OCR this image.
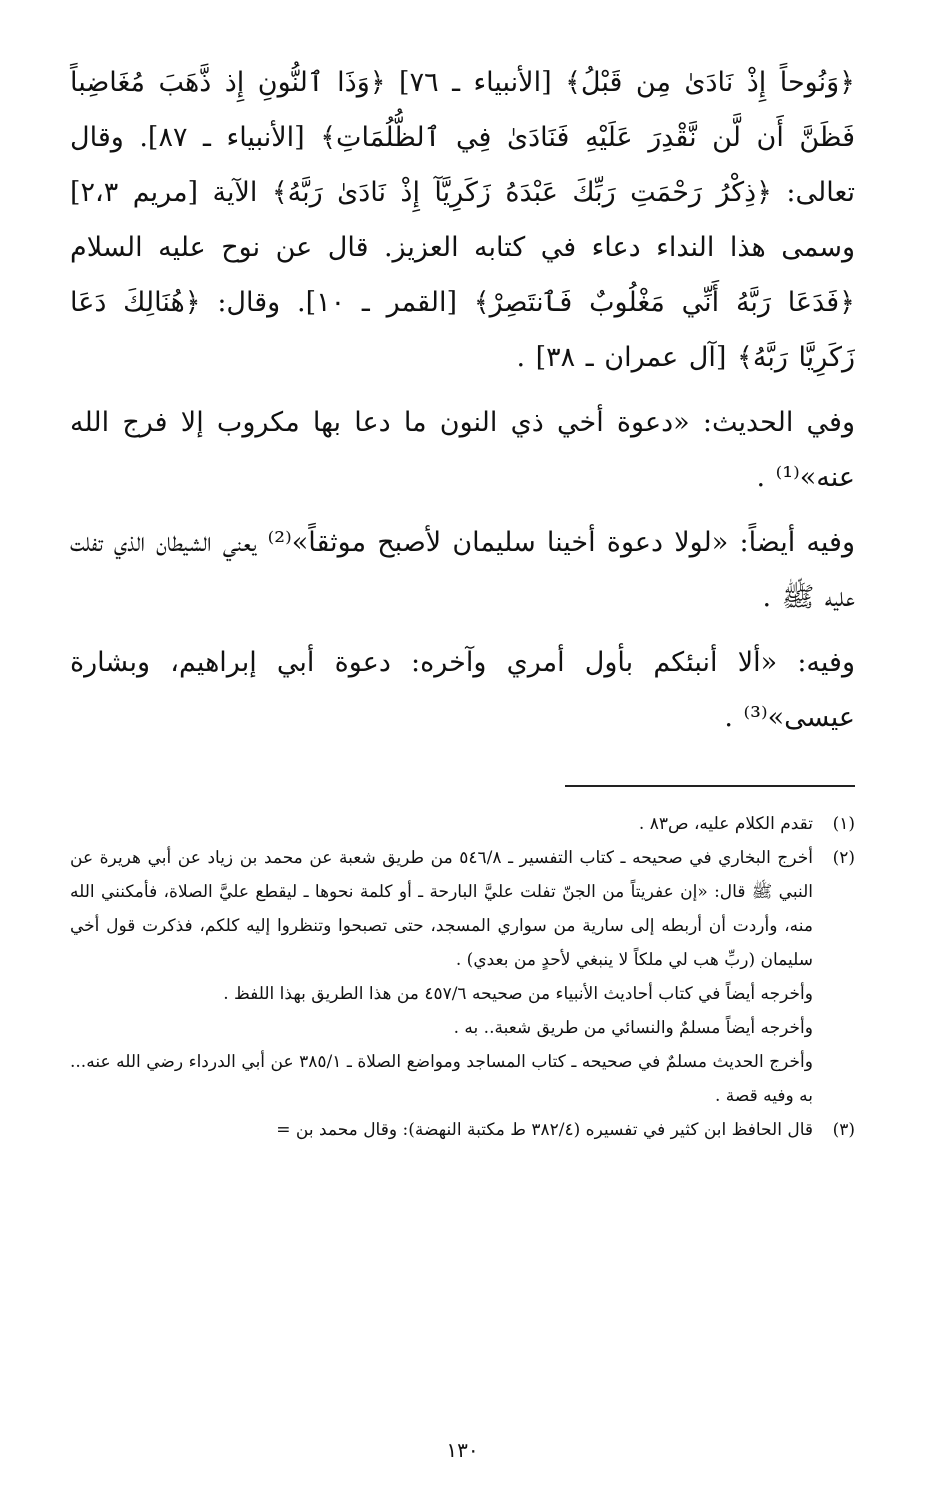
﴿وَنُوحاً إِذْ نَادَىٰ مِن قَبْلُ﴾ [الأنبياء ـ ٧٦] ﴿وَذَا ٱلنُّونِ إِذ ذَّهَبَ مُغَاضِباً فَظَنَّ أَن لَّن نَّقْدِرَ عَلَيْهِ فَنَادَىٰ فِي ٱلظُّلُمَاتِ﴾ [الأنبياء ـ ٨٧]. وقال تعالى: ﴿ذِكْرُ رَحْمَتِ رَبِّكَ عَبْدَهُ زَكَرِيَّآ إِذْ نَادَىٰ رَبَّهُ﴾ الآية [مريم ٢،٣] وسمى هذا النداء دعاء في كتابه العزيز. قال عن نوح عليه السلام ﴿فَدَعَا رَبَّهُ أَنِّي مَغْلُوبٌ فَٱنتَصِرْ﴾ [القمر ـ ١٠]. وقال: ﴿هُنَالِكَ دَعَا زَكَرِيَّا رَبَّهُ﴾ [آل عمران ـ ٣٨] .

وفي الحديث: «دعوة أخي ذي النون ما دعا بها مكروب إلا فرج الله عنه»⁽¹⁾ .

وفيه أيضاً: «لولا دعوة أخينا سليمان لأصبح موثقاً»⁽²⁾ يعني الشيطان الذي تفلت عليه ﷺ .

وفيه: «ألا أنبئكم بأول أمري وآخره: دعوة أبي إبراهيم، وبشارة عيسى»⁽³⁾ .

(١)

تقدم الكلام عليه، ص٨٣ .

(٢)

أخرج البخاري في صحيحه ـ كتاب التفسير ـ ٥٤٦/٨ من طريق شعبة عن محمد بن زياد عن أبي هريرة عن النبي ﷺ قال: «إن عفريتاً من الجنّ تفلت عليَّ البارحة ـ أو كلمة نحوها ـ ليقطع عليَّ الصلاة، فأمكنني الله منه، وأردت أن أربطه إلى سارية من سواري المسجد، حتى تصبحوا وتنظروا إليه كلكم، فذكرت قول أخي سليمان (ربِّ هب لي ملكاً لا ينبغي لأحدٍ من بعدي) .

وأخرجه أيضاً في كتاب أحاديث الأنبياء من صحيحه ٤٥٧/٦ من هذا الطريق بهذا اللفظ .

وأخرجه أيضاً مسلمٌ والنسائي من طريق شعبة.. به .

وأخرج الحديث مسلمٌ في صحيحه ـ كتاب المساجد ومواضع الصلاة ـ ٣٨٥/١ عن أبي الدرداء رضي الله عنه... به وفيه قصة .

(٣)

قال الحافظ ابن كثير في تفسيره (٣٨٢/٤ ط مكتبة النهضة): وقال محمد بن =

١٣٠
